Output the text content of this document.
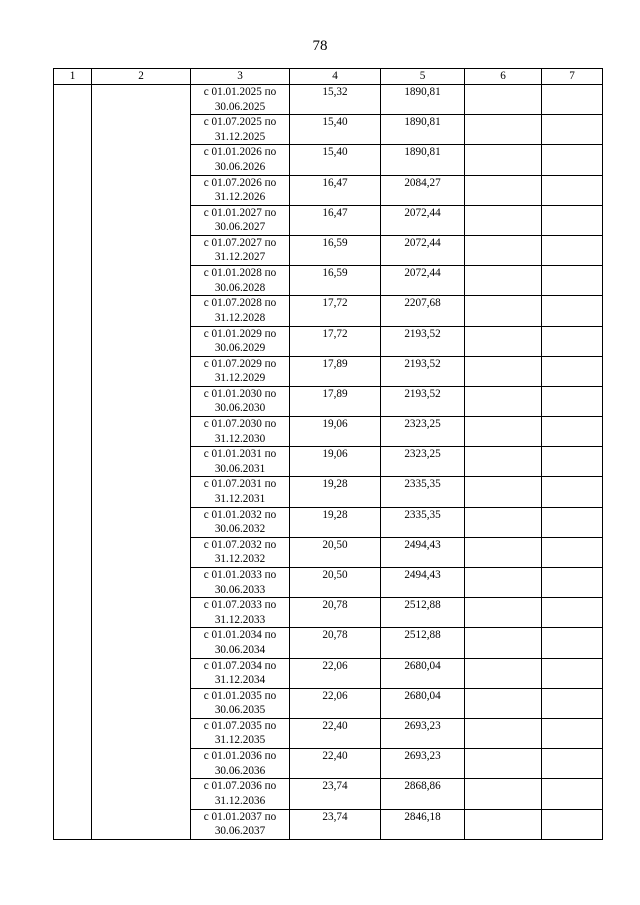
78
1	2	3	4	5	6	7

		с 01.01.2025 по
30.06.2025	15,32	1890,81		

		с 01.07.2025 по
31.12.2025	15,40	1890,81		

		с 01.01.2026 по
30.06.2026	15,40	1890,81		

		с 01.07.2026 по
31.12.2026	16,47	2084,27		

		с 01.01.2027 по
30.06.2027	16,47	2072,44		

		с 01.07.2027 по
31.12.2027	16,59	2072,44		

		с 01.01.2028 по
30.06.2028	16,59	2072,44		

		с 01.07.2028 по
31.12.2028	17,72	2207,68		

		с 01.01.2029 по
30.06.2029	17,72	2193,52		

		с 01.07.2029 по
31.12.2029	17,89	2193,52		

		с 01.01.2030 по
30.06.2030	17,89	2193,52		

		с 01.07.2030 по
31.12.2030	19,06	2323,25		

		с 01.01.2031 по
30.06.2031	19,06	2323,25		

		с 01.07.2031 по
31.12.2031	19,28	2335,35		

		с 01.01.2032 по
30.06.2032	19,28	2335,35		

		с 01.07.2032 по
31.12.2032	20,50	2494,43		

		с 01.01.2033 по
30.06.2033	20,50	2494,43		

		с 01.07.2033 по
31.12.2033	20,78	2512,88		

		с 01.01.2034 по
30.06.2034	20,78	2512,88		

		с 01.07.2034 по
31.12.2034	22,06	2680,04		

		с 01.01.2035 по
30.06.2035	22,06	2680,04		

		с 01.07.2035 по
31.12.2035	22,40	2693,23		

		с 01.01.2036 по
30.06.2036	22,40	2693,23		

		с 01.07.2036 по
31.12.2036	23,74	2868,86		

		с 01.01.2037 по
30.06.2037	23,74	2846,18		
